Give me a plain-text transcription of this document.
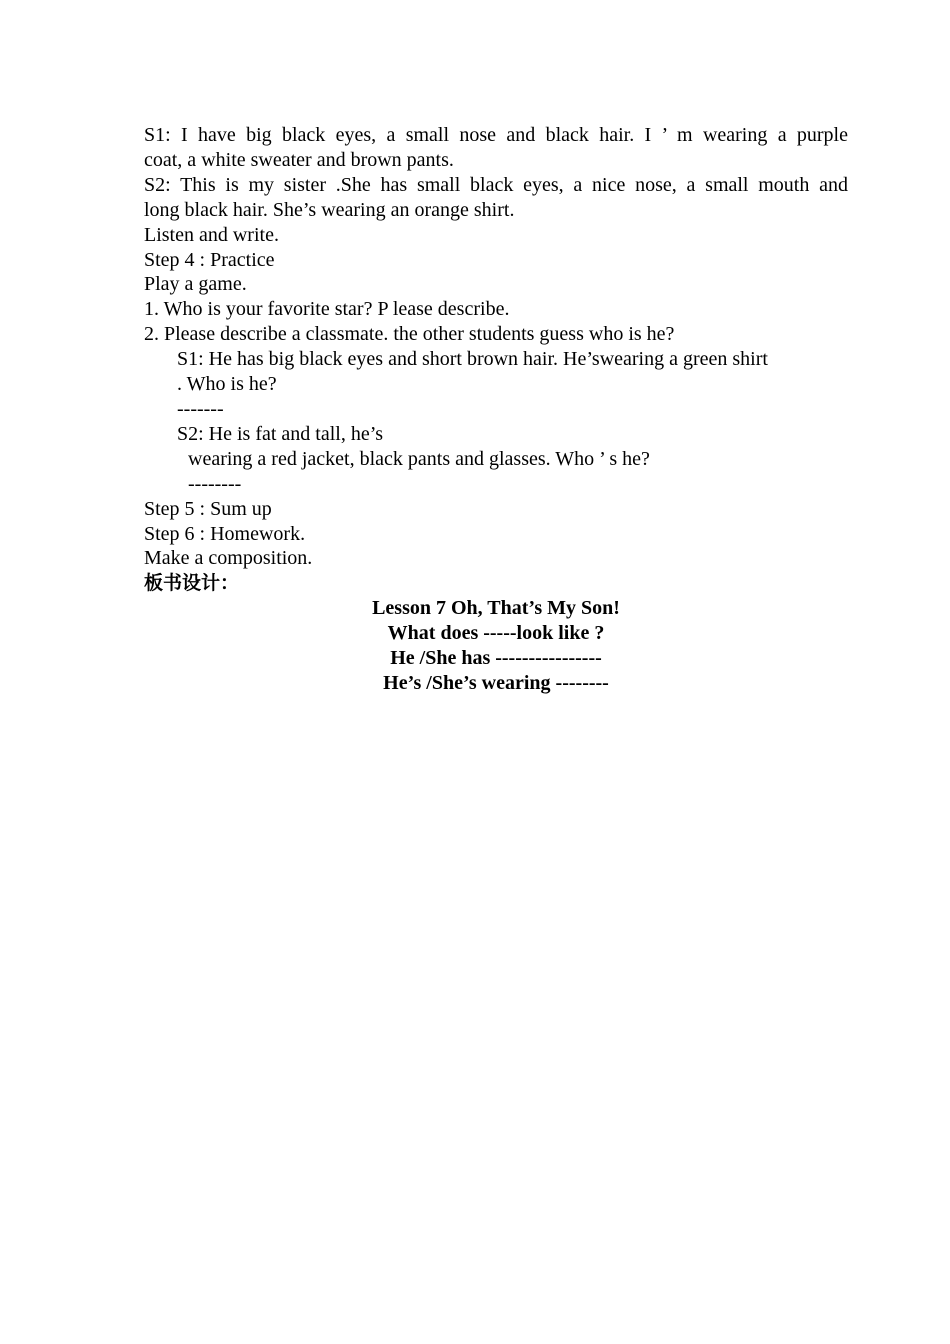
S1: I have big black eyes, a small nose and black hair. I ’ m wearing a purple

coat, a white sweater and brown pants.

S2: This is my sister .She has small black eyes, a nice nose, a small mouth and

long black hair. She’s wearing an orange shirt.

Listen and write.

Step 4 : Practice

Play a game.

1. Who is your favorite star? P lease describe.

2. Please describe a classmate. the other students guess who is he?

S1: He has big black eyes and short brown hair. He’swearing a green shirt

. Who is he?

-------

S2: He is fat and tall, he’s

wearing a red jacket, black pants and glasses. Who ’ s he?

--------

Step 5 : Sum up

Step 6 : Homework.

Make a composition.

板书设计：

Lesson 7 Oh, That’s My Son!

What does -----look like ?

He /She has ----------------

He’s /She’s wearing --------
